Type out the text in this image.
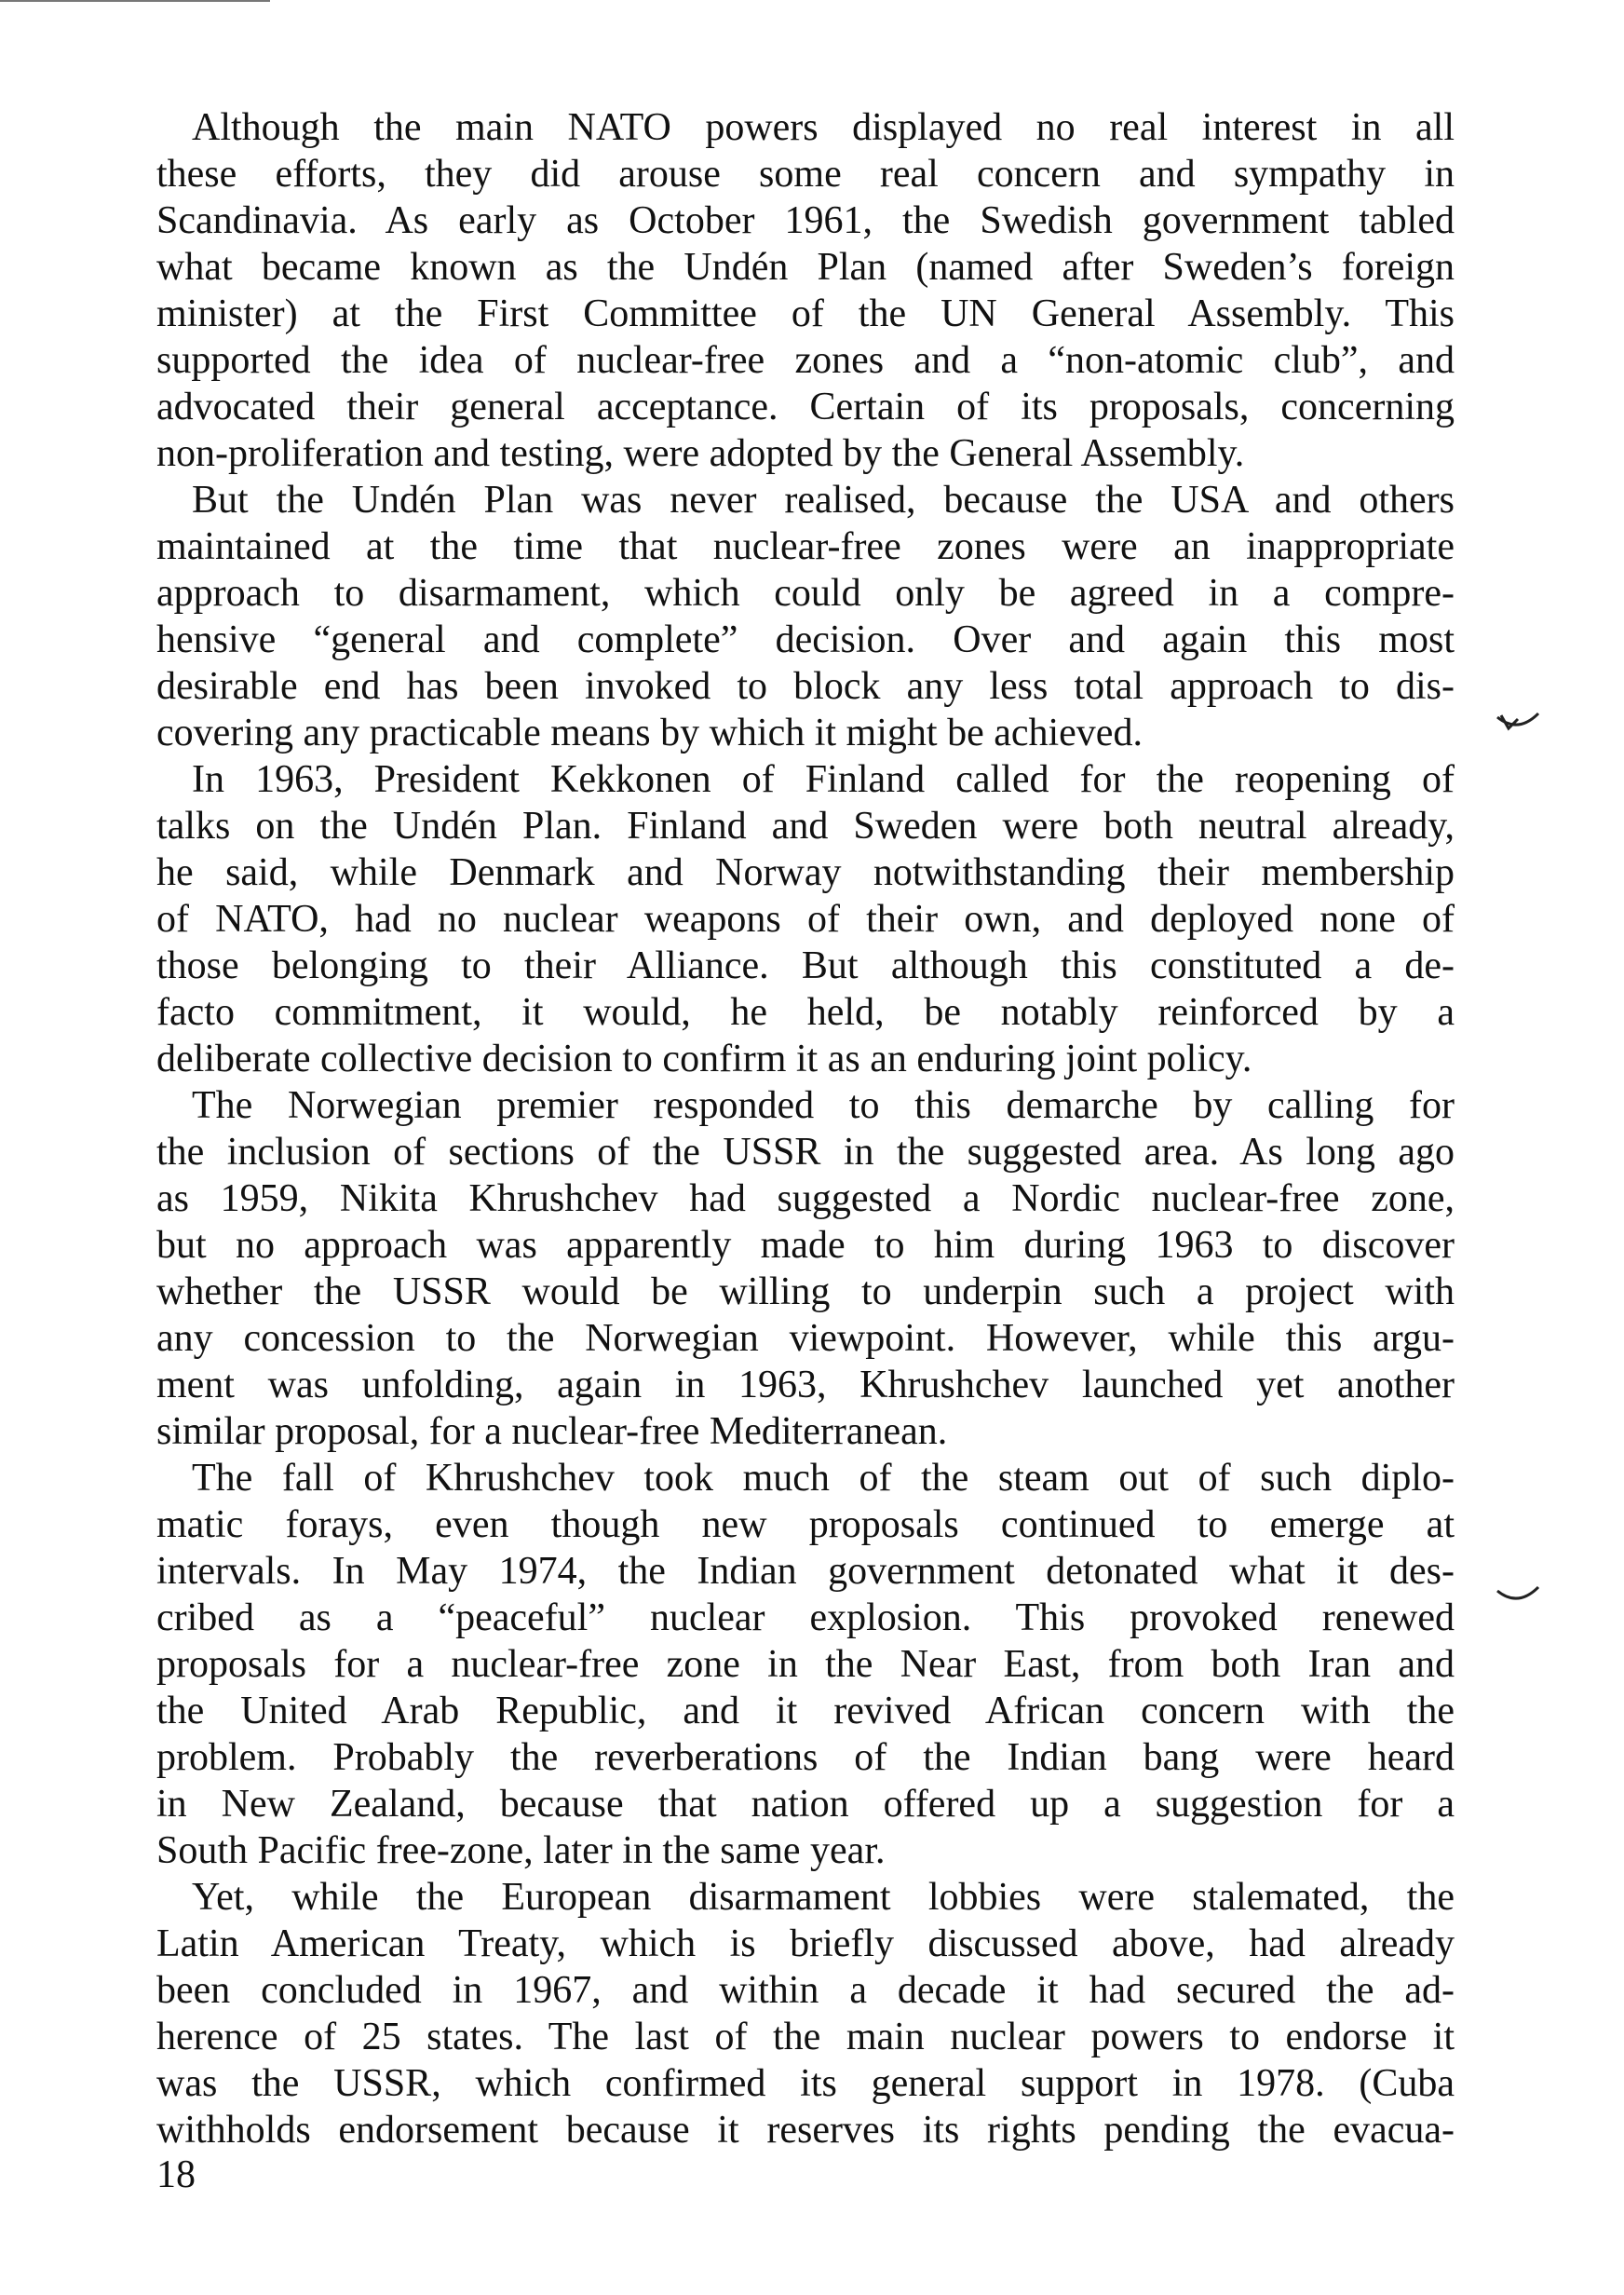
Although the main NATO powers displayed no real interest in all
these efforts, they did arouse some real concern and sympathy in
Scandinavia. As early as October 1961, the Swedish government tabled
what became known as the Undén Plan (named after Sweden’s foreign
minister) at the First Committee of the UN General Assembly. This
supported the idea of nuclear-free zones and a “non-atomic club”, and
advocated their general acceptance. Certain of its proposals, concerning
non-proliferation and testing, were adopted by the General Assembly.
But the Undén Plan was never realised, because the USA and others
maintained at the time that nuclear-free zones were an inappropriate
approach to disarmament, which could only be agreed in a compre-
hensive “general and complete” decision. Over and again this most
desirable end has been invoked to block any less total approach to dis-
covering any practicable means by which it might be achieved.
In 1963, President Kekkonen of Finland called for the reopening of
talks on the Undén Plan. Finland and Sweden were both neutral already,
he said, while Denmark and Norway notwithstanding their membership
of NATO, had no nuclear weapons of their own, and deployed none of
those belonging to their Alliance. But although this constituted a de-
facto commitment, it would, he held, be notably reinforced by a
deliberate collective decision to confirm it as an enduring joint policy.
The Norwegian premier responded to this demarche by calling for
the inclusion of sections of the USSR in the suggested area. As long ago
as 1959, Nikita Khrushchev had suggested a Nordic nuclear-free zone,
but no approach was apparently made to him during 1963 to discover
whether the USSR would be willing to underpin such a project with
any concession to the Norwegian viewpoint. However, while this argu-
ment was unfolding, again in 1963, Khrushchev launched yet another
similar proposal, for a nuclear-free Mediterranean.
The fall of Khrushchev took much of the steam out of such diplo-
matic forays, even though new proposals continued to emerge at
intervals. In May 1974, the Indian government detonated what it des-
cribed as a “peaceful” nuclear explosion. This provoked renewed
proposals for a nuclear-free zone in the Near East, from both Iran and
the United Arab Republic, and it revived African concern with the
problem. Probably the reverberations of the Indian bang were heard
in New Zealand, because that nation offered up a suggestion for a
South Pacific free-zone, later in the same year.
Yet, while the European disarmament lobbies were stalemated, the
Latin American Treaty, which is briefly discussed above, had already
been concluded in 1967, and within a decade it had secured the ad-
herence of 25 states. The last of the main nuclear powers to endorse it
was the USSR, which confirmed its general support in 1978. (Cuba
withholds endorsement because it reserves its rights pending the evacua-
18
